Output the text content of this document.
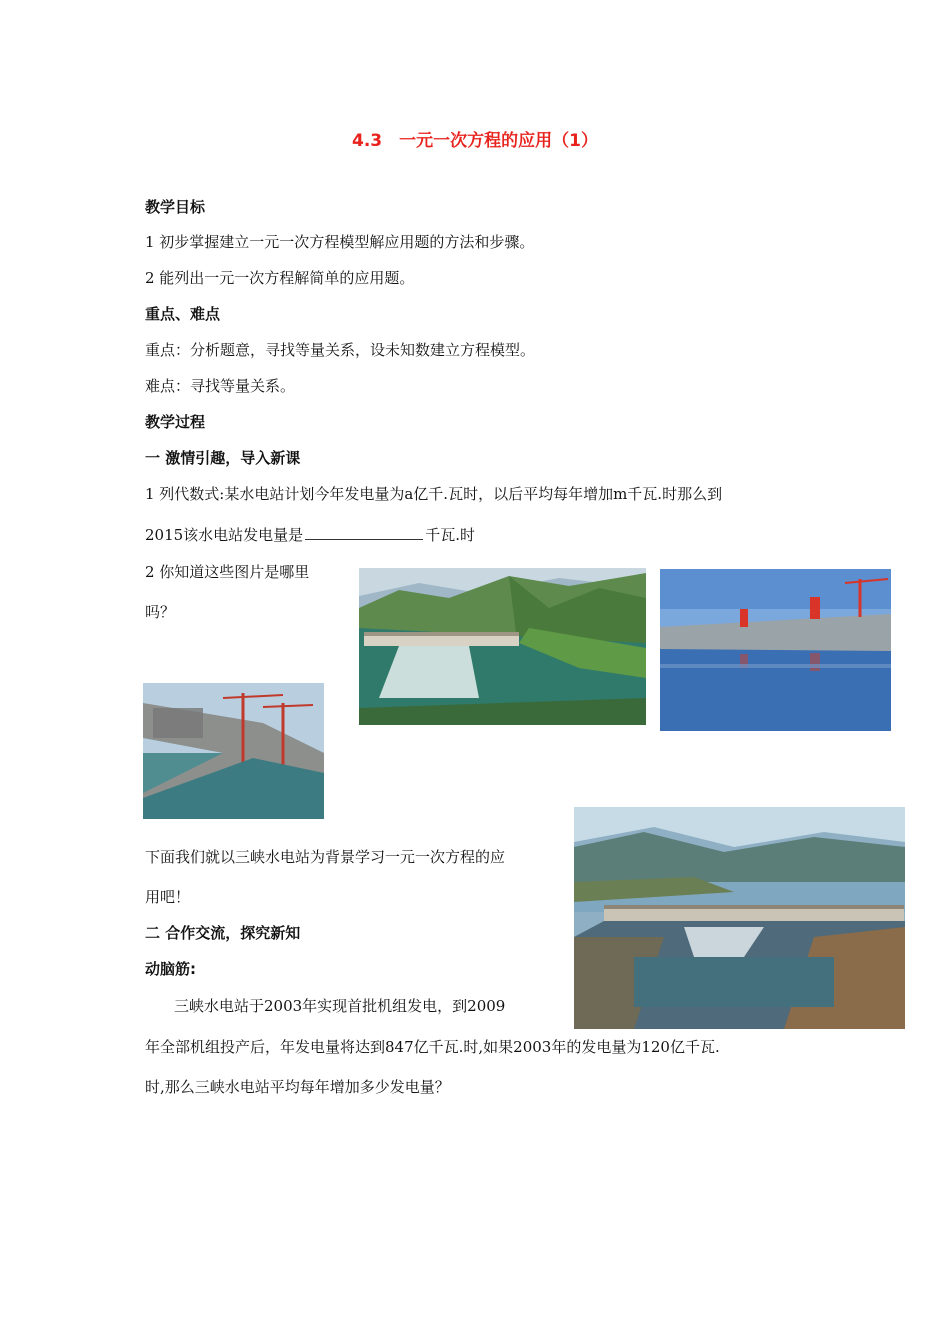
4.3　一元一次方程的应用（1）
教学目标
1 初步掌握建立一元一次方程模型解应用题的方法和步骤。
2 能列出一元一次方程解简单的应用题。
重点、难点
重点：分析题意，寻找等量关系，设未知数建立方程模型。
难点：寻找等量关系。
教学过程
一 激情引趣，导入新课
1 列代数式:某水电站计划今年发电量为a亿千.瓦时，以后平均每年增加m千瓦.时那么到
2015该水电站发电量是	千瓦.时
2 你知道这些图片是哪里
吗？
下面我们就以三峡水电站为背景学习一元一次方程的应
用吧！
二 合作交流，探究新知
动脑筋:
三峡水电站于2003年实现首批机组发电，到2009
年全部机组投产后，年发电量将达到847亿千瓦.时,如果2003年的发电量为120亿千瓦.
时,那么三峡水电站平均每年增加多少发电量？
